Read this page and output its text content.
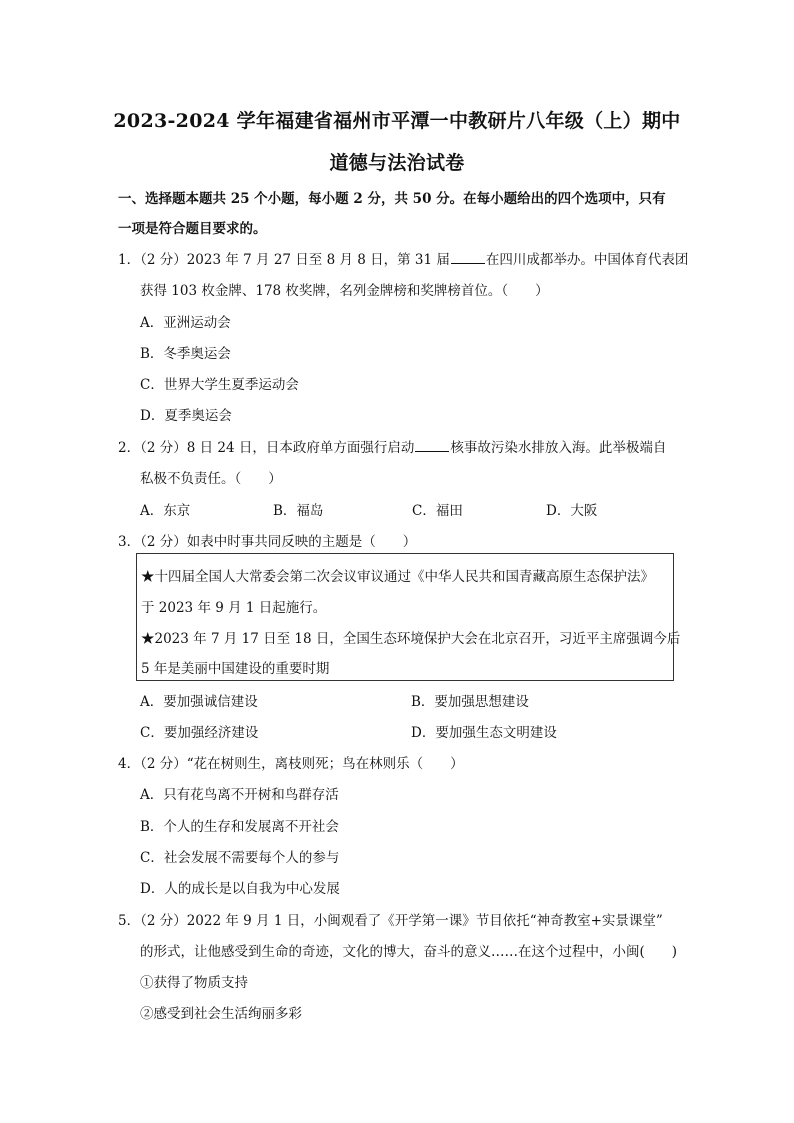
2023-2024 学年福建省福州市平潭一中教研片八年级（上）期中
道德与法治试卷
一、选择题本题共 25 个小题，每小题 2 分，共 50 分。在每小题给出的四个选项中，只有
一项是符合题目要求的。
1．（2 分）2023 年 7 月 27 日至 8 月 8 日，第 31 届	在四川成都举办。中国体育代表团
获得 103 枚金牌、178 枚奖牌，名列金牌榜和奖牌榜首位。（　　）
A．亚洲运动会
B．冬季奥运会
C．世界大学生夏季运动会
D．夏季奥运会
2．（2 分）8 日 24 日，日本政府单方面强行启动	核事故污染水排放入海。此举极端自
私极不负责任。（　　）
A．东京	B．福岛	C．福田	D．大阪
3．（2 分）如表中时事共同反映的主题是（　　）
★十四届全国人大常委会第二次会议审议通过《中华人民共和国青藏高原生态保护法》
于 2023 年 9 月 1 日起施行。
★2023 年 7 月 17 日至 18 日，全国生态环境保护大会在北京召开，习近平主席强调今后
5 年是美丽中国建设的重要时期
A．要加强诚信建设	B．要加强思想建设
C．要加强经济建设	D．要加强生态文明建设
4．（2 分）“花在树则生，离枝则死；鸟在林则乐（　　）
A．只有花鸟离不开树和鸟群存活
B．个人的生存和发展离不开社会
C．社会发展不需要每个人的参与
D．人的成长是以自我为中心发展
5．（2 分）2022 年 9 月 1 日，小闽观看了《开学第一课》节目依托“神奇教室+实景课堂”
的形式，让他感受到生命的奇迹，文化的博大，奋斗的意义……在这个过程中，小闽(　　)
①获得了物质支持
②感受到社会生活绚丽多彩
